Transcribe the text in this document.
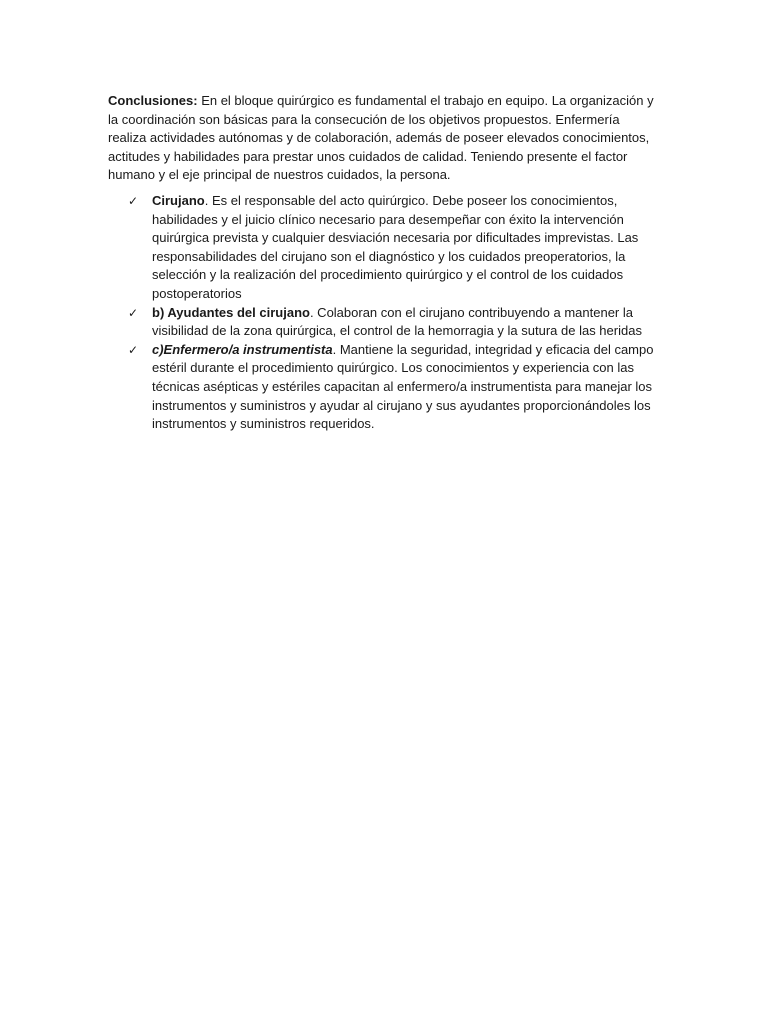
Conclusiones: En el bloque quirúrgico es fundamental el trabajo en equipo. La organización y la coordinación son básicas para la consecución de los objetivos propuestos. Enfermería realiza actividades autónomas y de colaboración, además de poseer elevados conocimientos, actitudes y habilidades para prestar unos cuidados de calidad. Teniendo presente el factor humano y el eje principal de nuestros cuidados, la persona.

✓ Cirujano. Es el responsable del acto quirúrgico. Debe poseer los conocimientos, habilidades y el juicio clínico necesario para desempeñar con éxito la intervención quirúrgica prevista y cualquier desviación necesaria por dificultades imprevistas. Las responsabilidades del cirujano son el diagnóstico y los cuidados preoperatorios, la selección y la realización del procedimiento quirúrgico y el control de los cuidados postoperatorios
✓ b) Ayudantes del cirujano. Colaboran con el cirujano contribuyendo a mantener la visibilidad de la zona quirúrgica, el control de la hemorragia y la sutura de las heridas
✓ c)Enfermero/a instrumentista. Mantiene la seguridad, integridad y eficacia del campo estéril durante el procedimiento quirúrgico. Los conocimientos y experiencia con las técnicas asépticas y estériles capacitan al enfermero/a instrumentista para manejar los instrumentos y suministros y ayudar al cirujano y sus ayudantes proporcionándoles los instrumentos y suministros requeridos.
